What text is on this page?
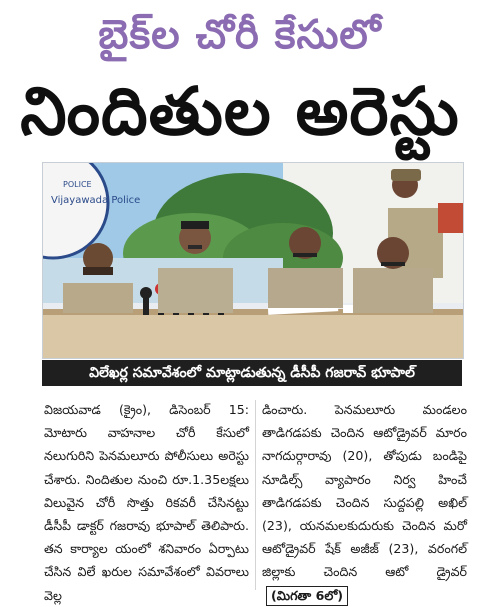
బైక్‌ల చోరీ కేసులో
నిందితుల అరెస్టు
Vijayawada Police
POLICE
విలేఖర్ల సమావేశంలో మాట్లాడుతున్న డీసీపీ గజరావ్ భూపాల్
విజయవాడ (క్రైం), డిసెంబర్ 15: మోటారు వాహనాల చోరీ కేసులో నలుగురిని పెనమలూరు పోలీసులు అరెస్టు చేశారు. నిందితుల నుంచి రూ.1.35లక్షలు విలువైన చోరీ సొత్తు రికవరీ చేసినట్టు డీసీపీ డాక్టర్ గజరావు భూపాల్ తెలిపారు. తన కార్యాల యంలో శనివారం ఏర్పాటు చేసిన విలే ఖరుల సమావేశంలో వివరాలు వెల్ల
డించారు. పెనమలూరు మండలం తాడిగడపకు చెందిన ఆటోడ్రైవర్ మారం నాగదుర్గారావు (20), తోపుడు బండిపై నూడిల్స్ వ్యాపారం నిర్వ హించే తాడిగడపకు చెందిన సుద్దపల్లి అఖిల్ (23), యనమలకుదురుకు చెందిన మరో ఆటోడ్రైవర్ షేక్ అజీజ్ (23), వరంగల్ జిల్లాకు చెందిన ఆటో డ్రైవర్(మిగతా 6లో)
